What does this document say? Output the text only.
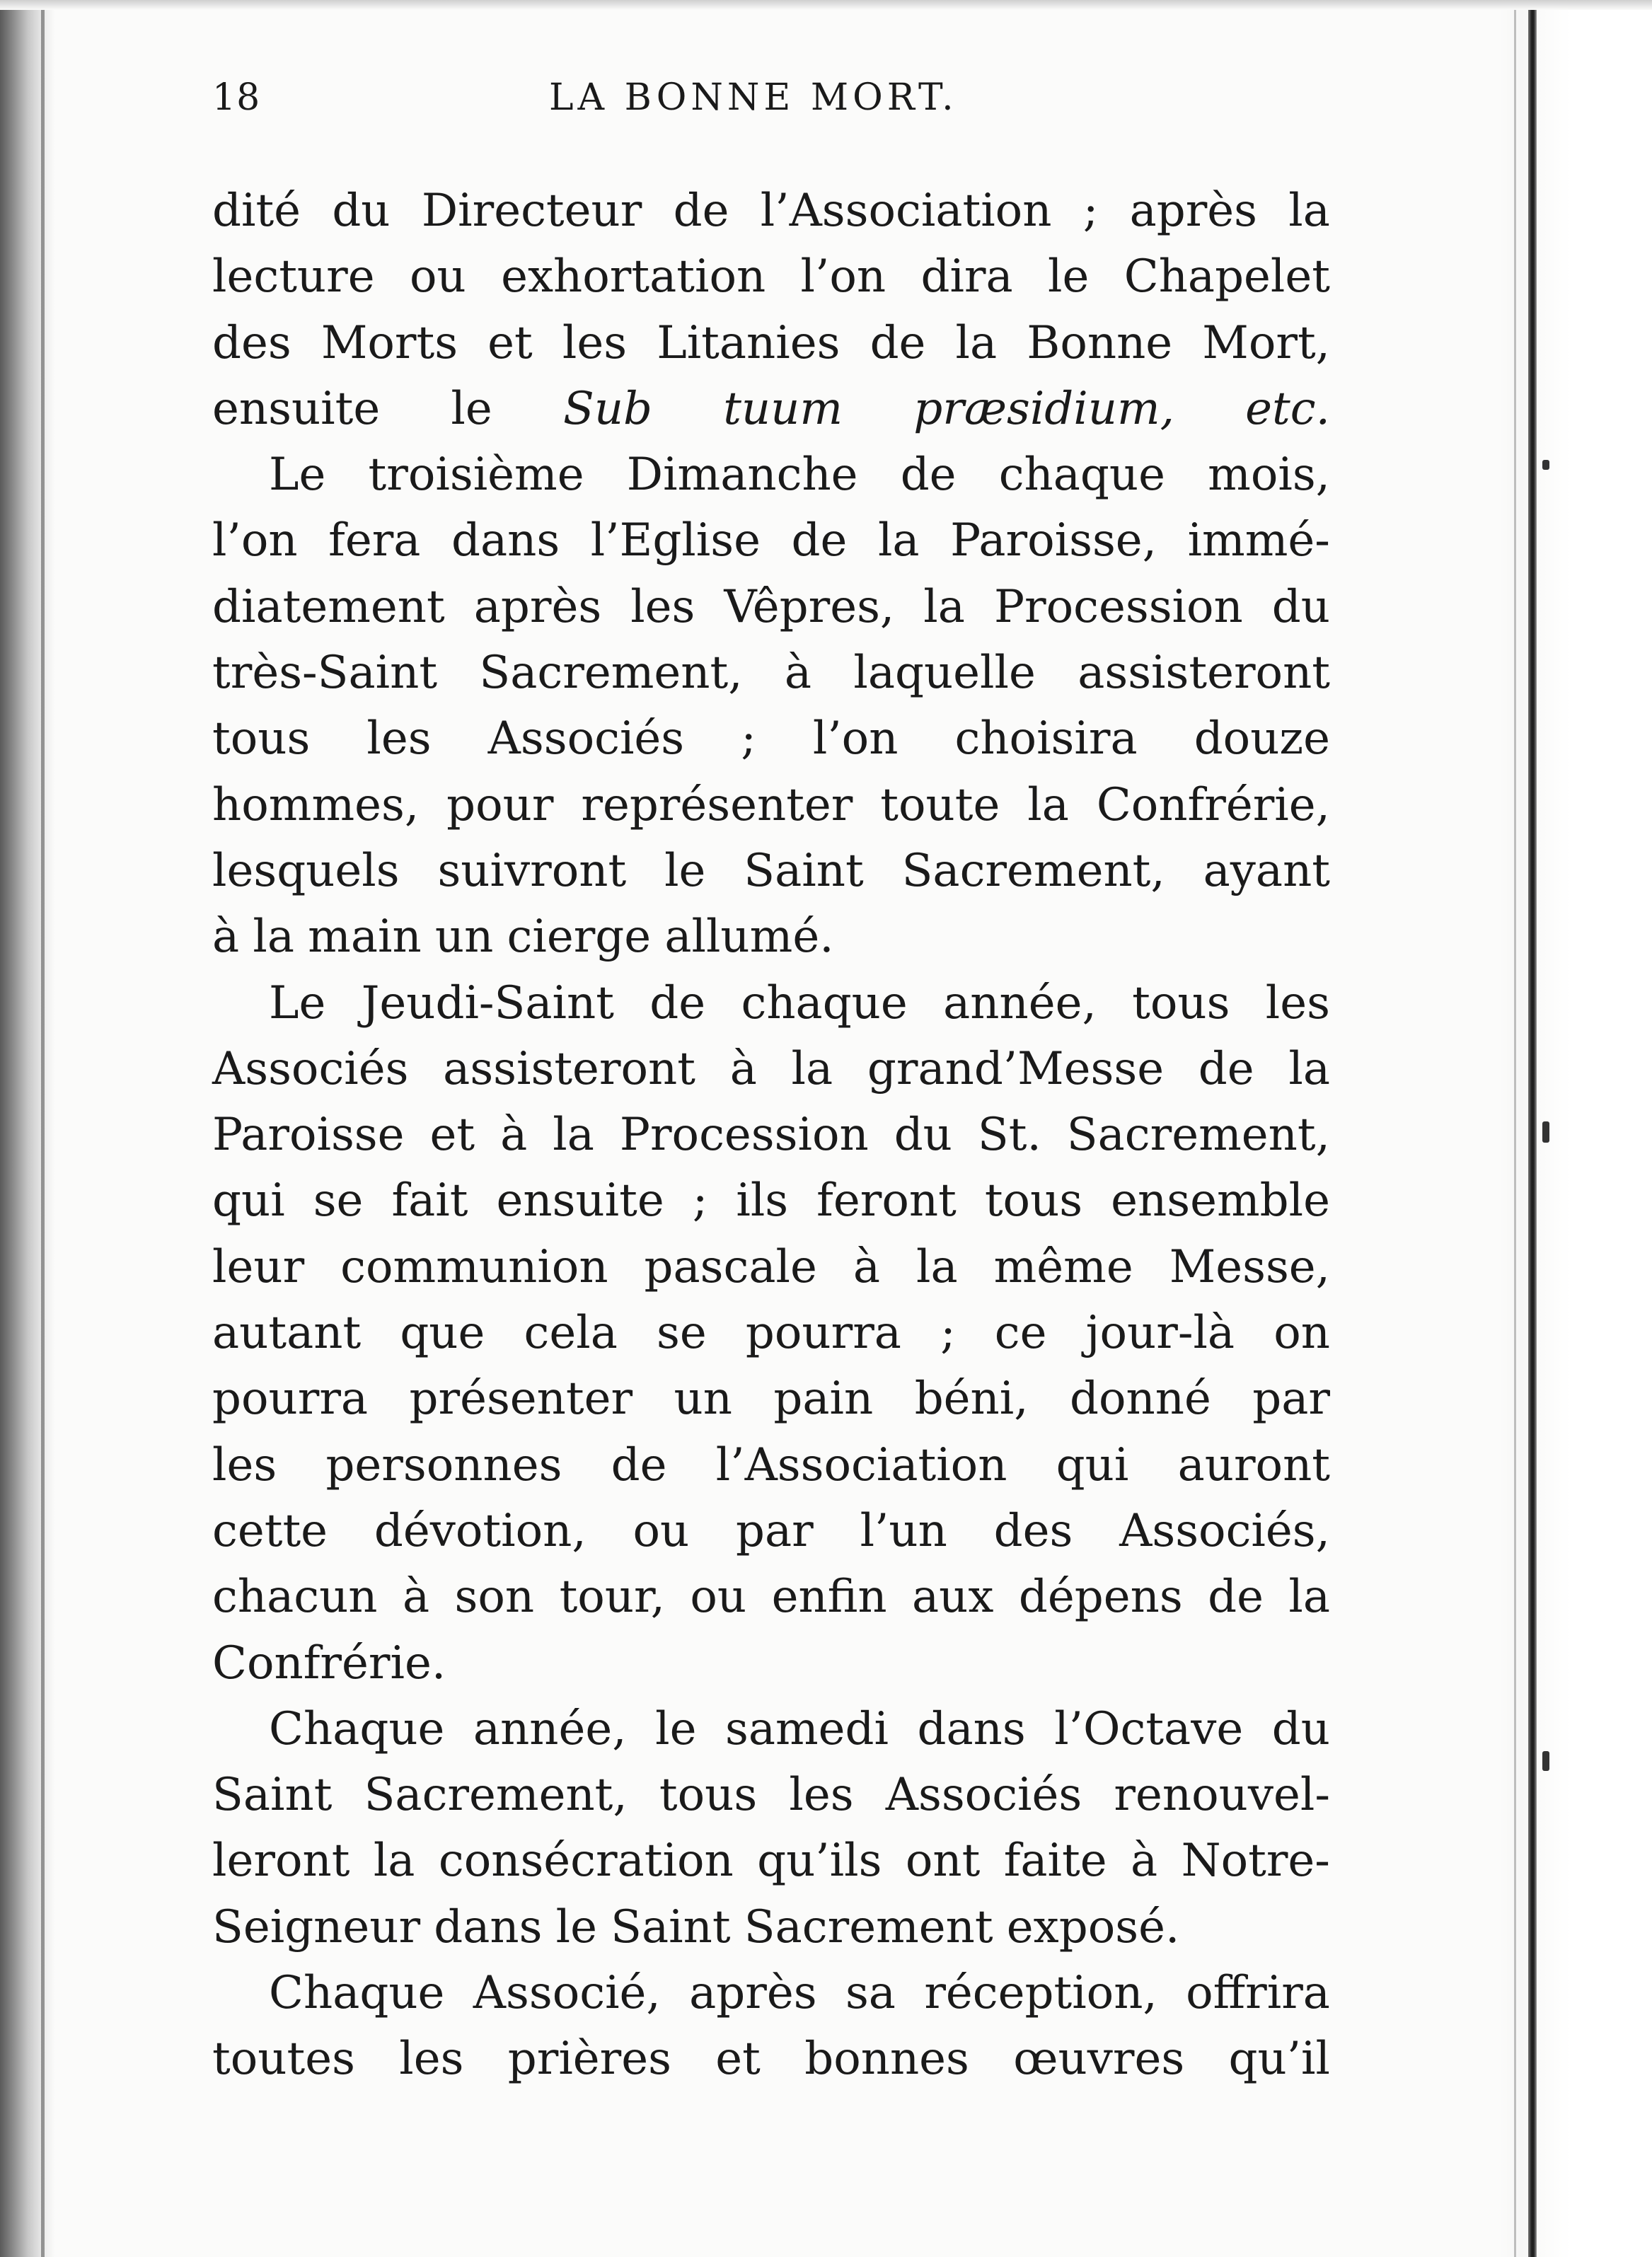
18	LA BONNE MORT.
dité du Directeur de l’Association ; après la
lecture ou exhortation l’on dira le Chapelet
des Morts et les Litanies de la Bonne Mort,
ensuite le Sub tuum præsidium, etc.
Le troisième Dimanche de chaque mois,
l’on fera dans l’Eglise de la Paroisse, immé-
diatement après les Vêpres, la Procession du
très-Saint Sacrement, à laquelle assisteront
tous les Associés ; l’on choisira douze
hommes, pour représenter toute la Confrérie,
lesquels suivront le Saint Sacrement, ayant
à la main un cierge allumé.
Le Jeudi-Saint de chaque année, tous les
Associés assisteront à la grand’Messe de la
Paroisse et à la Procession du St. Sacrement,
qui se fait ensuite ; ils feront tous ensemble
leur communion pascale à la même Messe,
autant que cela se pourra ; ce jour-là on
pourra présenter un pain béni, donné par
les personnes de l’Association qui auront
cette dévotion, ou par l’un des Associés,
chacun à son tour, ou enfin aux dépens de la
Confrérie.
Chaque année, le samedi dans l’Octave du
Saint Sacrement, tous les Associés renouvel-
leront la consécration qu’ils ont faite à Notre-
Seigneur dans le Saint Sacrement exposé.
Chaque Associé, après sa réception, offrira
toutes les prières et bonnes œuvres qu’il
